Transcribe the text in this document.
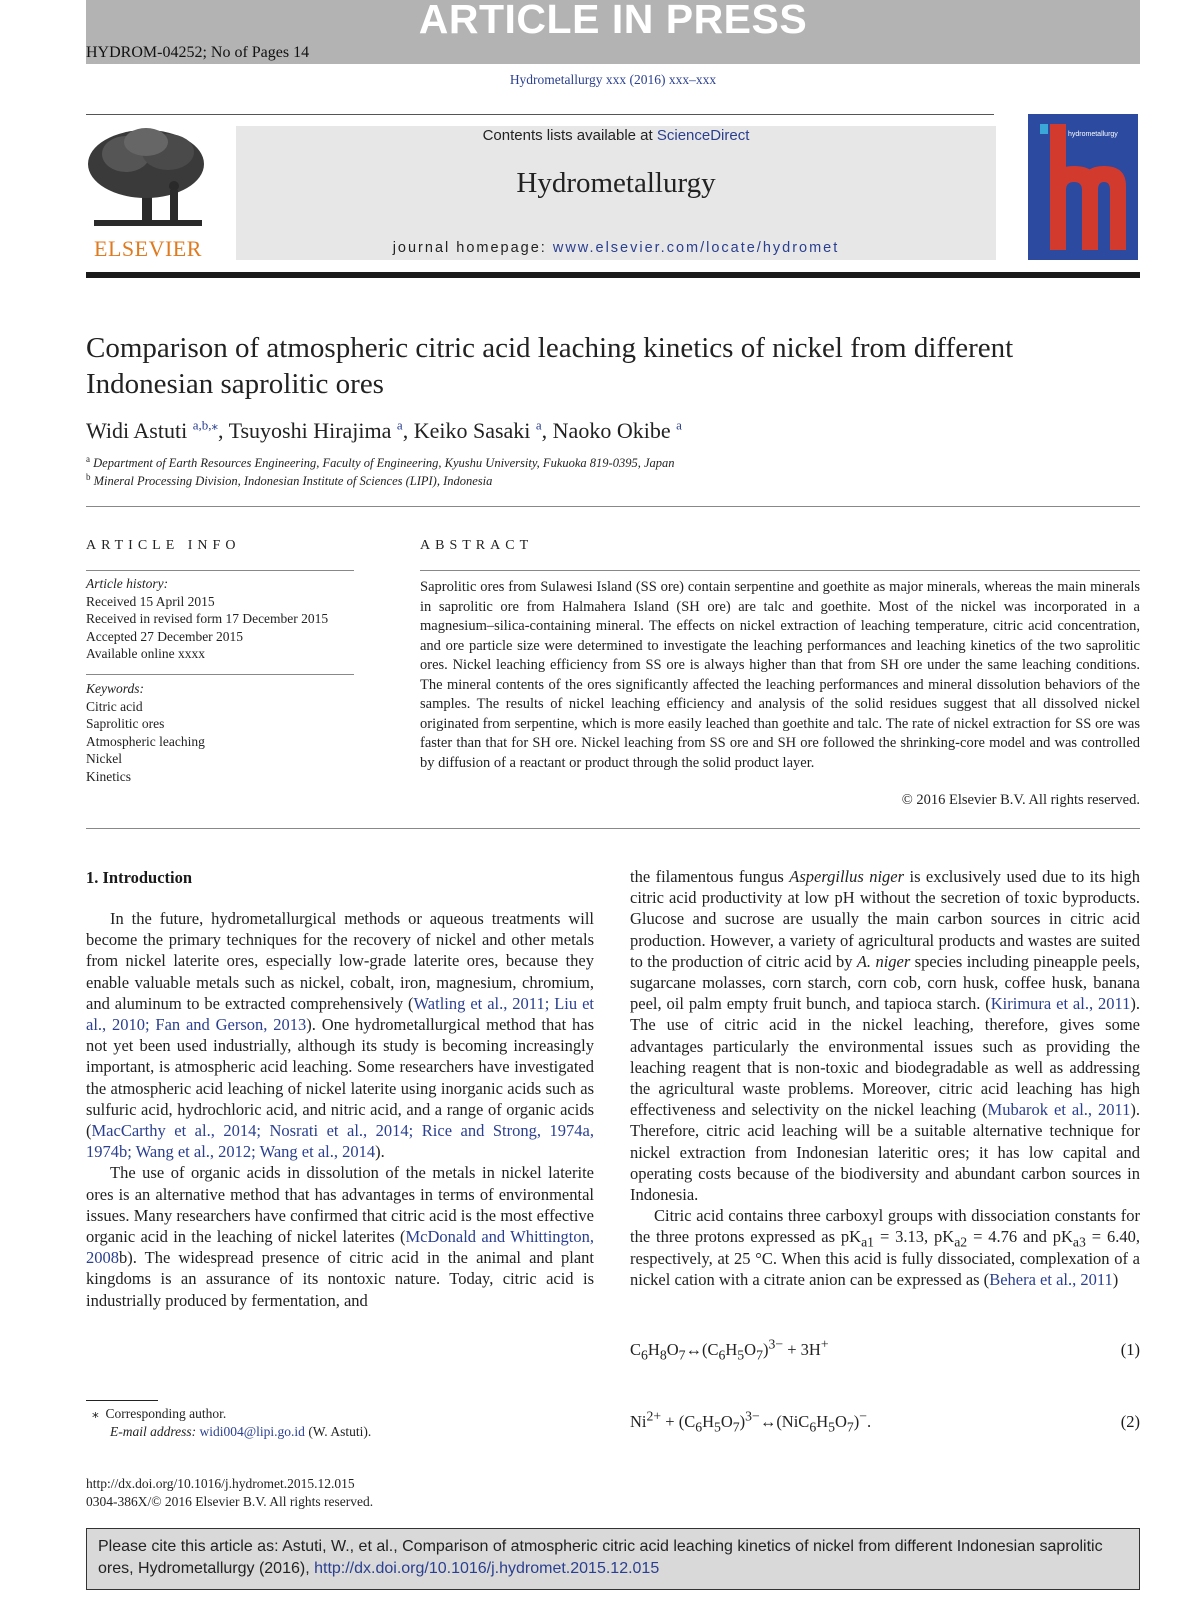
ARTICLE IN PRESS
HYDROM-04252; No of Pages 14
Hydrometallurgy xxx (2016) xxx–xxx
ELSEVIER
Contents lists available at ScienceDirect
Hydrometallurgy
journal homepage: www.elsevier.com/locate/hydromet
hydrometallurgy
Comparison of atmospheric citric acid leaching kinetics of nickel from different Indonesian saprolitic ores
Widi Astuti $^{a,b,⁎}$, Tsuyoshi Hirajima $^a$, Keiko Sasaki $^a$, Naoko Okibe $^a$
$^a$ Department of Earth Resources Engineering, Faculty of Engineering, Kyushu University, Fukuoka 819-0395, Japan
$^b$ Mineral Processing Division, Indonesian Institute of Sciences (LIPI), Indonesia
ARTICLE INFO
Article history:
Received 15 April 2015
Received in revised form 17 December 2015
Accepted 27 December 2015
Available online xxxx
Keywords:
Citric acid
Saprolitic ores
Atmospheric leaching
Nickel
Kinetics
ABSTRACT
Saprolitic ores from Sulawesi Island (SS ore) contain serpentine and goethite as major minerals, whereas the main minerals in saprolitic ore from Halmahera Island (SH ore) are talc and goethite. Most of the nickel was incorporated in a magnesium–silica-containing mineral. The effects on nickel extraction of leaching temperature, citric acid concentration, and ore particle size were determined to investigate the leaching performances and leaching kinetics of the two saprolitic ores. Nickel leaching efficiency from SS ore is always higher than that from SH ore under the same leaching conditions. The mineral contents of the ores significantly affected the leaching performances and mineral dissolution behaviors of the samples. The results of nickel leaching efficiency and analysis of the solid residues suggest that all dissolved nickel originated from serpentine, which is more easily leached than goethite and talc. The rate of nickel extraction for SS ore was faster than that for SH ore. Nickel leaching from SS ore and SH ore followed the shrinking-core model and was controlled by diffusion of a reactant or product through the solid product layer.
© 2016 Elsevier B.V. All rights reserved.
1. Introduction

In the future, hydrometallurgical methods or aqueous treatments will become the primary techniques for the recovery of nickel and other metals from nickel laterite ores, especially low-grade laterite ores, because they enable valuable metals such as nickel, cobalt, iron, magnesium, chromium, and aluminum to be extracted comprehensively (Watling et al., 2011; Liu et al., 2010; Fan and Gerson, 2013). One hydrometallurgical method that has not yet been used industrially, although its study is becoming increasingly important, is atmospheric acid leaching. Some researchers have investigated the atmospheric acid leaching of nickel laterite using inorganic acids such as sulfuric acid, hydrochloric acid, and nitric acid, and a range of organic acids (MacCarthy et al., 2014; Nosrati et al., 2014; Rice and Strong, 1974a, 1974b; Wang et al., 2012; Wang et al., 2014).

The use of organic acids in dissolution of the metals in nickel laterite ores is an alternative method that has advantages in terms of environmental issues. Many researchers have confirmed that citric acid is the most effective organic acid in the leaching of nickel laterites (McDonald and Whittington, 2008b). The widespread presence of citric acid in the animal and plant kingdoms is an assurance of its nontoxic nature. Today, citric acid is industrially produced by fermentation, and

the filamentous fungus Aspergillus niger is exclusively used due to its high citric acid productivity at low pH without the secretion of toxic byproducts. Glucose and sucrose are usually the main carbon sources in citric acid production. However, a variety of agricultural products and wastes are suited to the production of citric acid by A. niger species including pineapple peels, sugarcane molasses, corn starch, corn cob, corn husk, coffee husk, banana peel, oil palm empty fruit bunch, and tapioca starch. (Kirimura et al., 2011). The use of citric acid in the nickel leaching, therefore, gives some advantages particularly the environmental issues such as providing the leaching reagent that is non-toxic and biodegradable as well as addressing the agricultural waste problems. Moreover, citric acid leaching has high effectiveness and selectivity on the nickel leaching (Mubarok et al., 2011). Therefore, citric acid leaching will be a suitable alternative technique for nickel extraction from Indonesian lateritic ores; it has low capital and operating costs because of the biodiversity and abundant carbon sources in Indonesia.

Citric acid contains three carboxyl groups with dissociation constants for the three protons expressed as $pK_{a1} = 3.13$, $pK_{a2} = 4.76$ and $pK_{a3} = 6.40$, respectively, at 25 °C. When this acid is fully dissociated, complexation of a nickel cation with a citrate anion can be expressed as (Behera et al., 2011)

$C_6H_8O_7\leftrightarrow(C_6H_5O_7)^{3-} + 3H^+$	(1)
$Ni^{2+}$ + $(C_6H_5O_7)^{3-}\leftrightarrow(NiC_6H_5O_7)^-$.	(2)
⁎ Corresponding author.
E-mail address: widi004@lipi.go.id (W. Astuti).
http://dx.doi.org/10.1016/j.hydromet.2015.12.015
0304-386X/© 2016 Elsevier B.V. All rights reserved.
Please cite this article as: Astuti, W., et al., Comparison of atmospheric citric acid leaching kinetics of nickel from different Indonesian saprolitic ores, Hydrometallurgy (2016), http://dx.doi.org/10.1016/j.hydromet.2015.12.015
